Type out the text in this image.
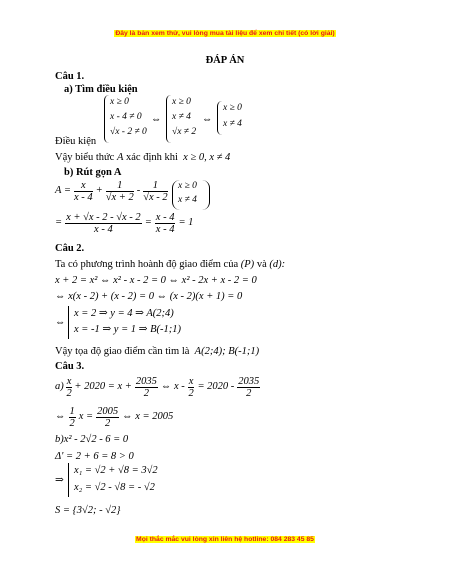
Đây là bản xem thử, vui lòng mua tài liệu để xem chi tiết (có lời giải)
Mọi thắc mắc vui lòng xin liên hệ hotline: 084 283 45 85
ĐÁP ÁN
Câu 1.
a) Tìm điều kiện
x ≥ 0
x - 4 ≠ 0
√x - 2 ≠ 0
⇔
x ≥ 0
x ≠ 4
√x ≠ 2
⇔
x ≥ 0
x ≠ 4
Điều kiện
Vậy biểu thức A xác định khi x ≥ 0, x ≠ 4
b) Rút gọn A
$A = \frac{x}{x - 4} + \frac{1}{√x + 2} - \frac{1}{√x - 2}$ x ≥ 0
x ≠ 4
= $\frac{x + √x - 2 - √x - 2}{x - 4} = \frac{x - 4}{x - 4} = 1$
Câu 2.
Ta có phương trình hoành độ giao điểm của (P) và (d):
x + 2 = x² ⇔ x² - x - 2 = 0 ⇔ x² - 2x + x - 2 = 0
⇔ x(x - 2) + (x - 2) = 0 ⇔ (x - 2)(x + 1) = 0
⇔
x = 2 ⇒ y = 4 ⇒ A(2;4)
x = -1 ⇒ y = 1 ⇒ B(-1;1)
Vậy tọa độ giao điểm cần tìm là A(2;4); B(-1;1)
Câu 3.
$a) \frac{x}{2} + 2020 = x + \frac{2035}{2}$ ⇔ $x - \frac{x}{2} = 2020 - \frac{2035}{2}$
⇔ $\frac{1}{2}$ $x = \frac{2005}{2}$ ⇔ x = 2005
b)x² - 2√2 - 6 = 0
Δ' = 2 + 6 = 8 > 0
⇒
x₁ = √2 + √8 = 3√2
x₂ = √2 - √8 = - √2
S = {3√2; - √2}
